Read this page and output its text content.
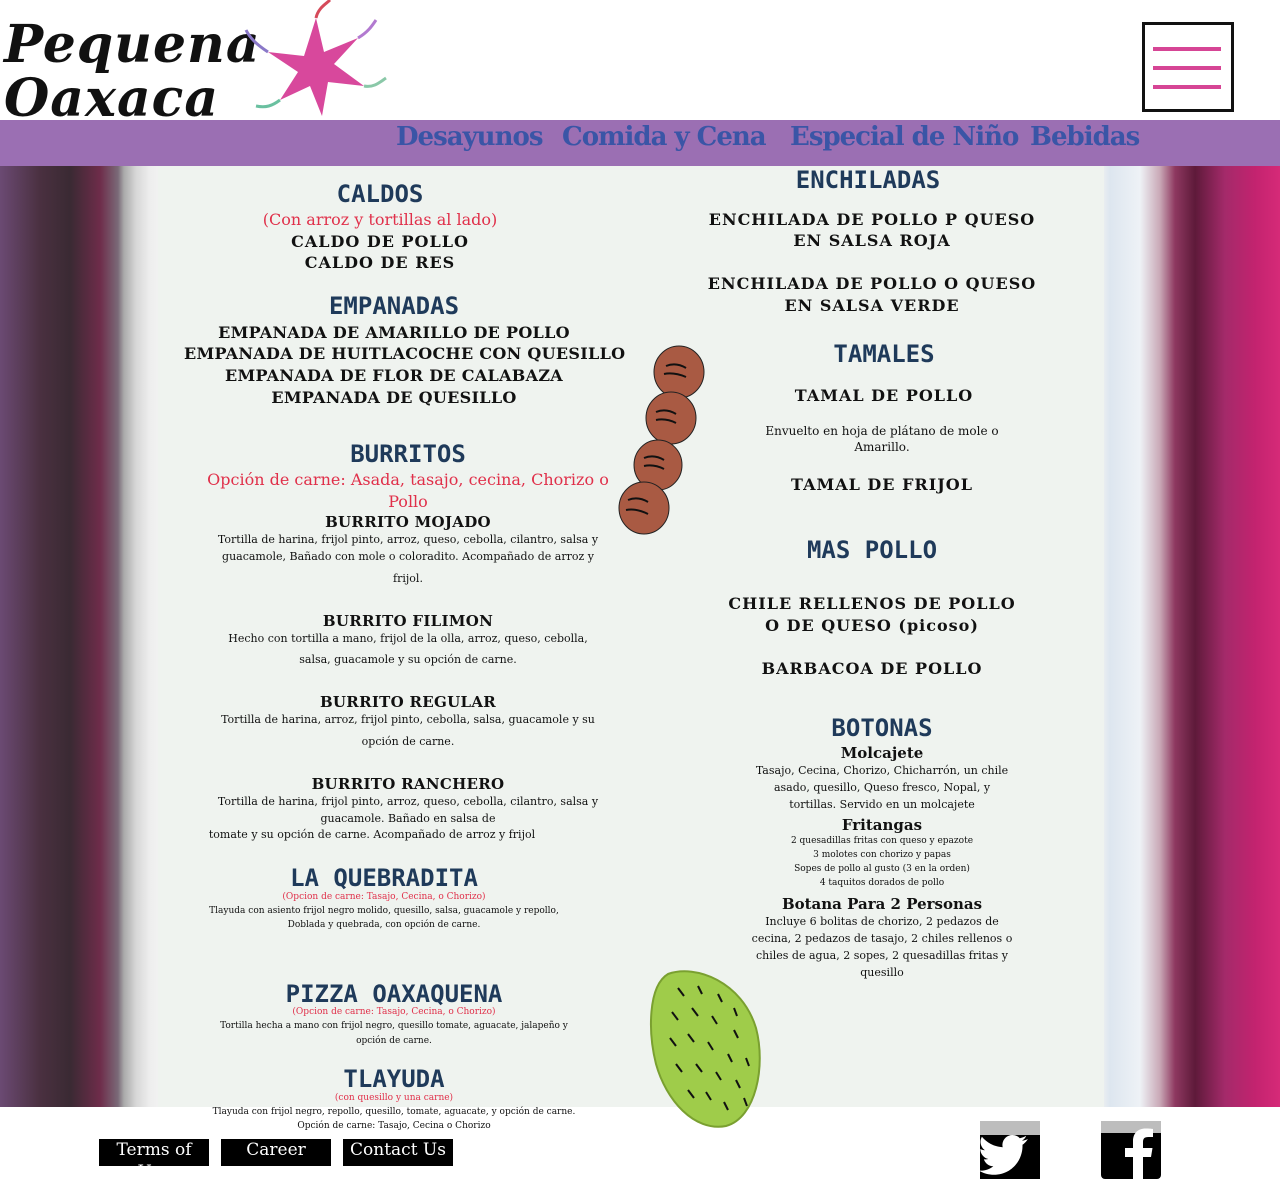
Pequena
Oaxaca
Desayunos Comida y Cena Especial de Niño Bebidas
CALDOS
(Con arroz y tortillas al lado)
CALDO DE POLLO
CALDO DE RES
EMPANADAS
EMPANADA DE AMARILLO DE POLLO
EMPANADA DE HUITLACOCHE CON QUESILLO
EMPANADA DE FLOR DE CALABAZA
EMPANADA DE QUESILLO
BURRITOS
Opción de carne: Asada, tasajo, cecina, Chorizo o
Pollo
BURRITO MOJADO
Tortilla de harina, frijol pinto, arroz, queso, cebolla, cilantro, salsa y
guacamole, Bañado con mole o coloradito. Acompañado de arroz y
frijol.
BURRITO FILIMON
Hecho con tortilla a mano, frijol de la olla, arroz, queso, cebolla,
salsa, guacamole y su opción de carne.
BURRITO REGULAR
Tortilla de harina, arroz, frijol pinto, cebolla, salsa, guacamole y su
opción de carne.
BURRITO RANCHERO
Tortilla de harina, frijol pinto, arroz, queso, cebolla, cilantro, salsa y
guacamole. Bañado en salsa de
tomate y su opción de carne. Acompañado de arroz y frijol
LA QUEBRADITA
(Opcion de carne: Tasajo, Cecina, o Chorizo)
Tlayuda con asiento frijol negro molido, quesillo, salsa, guacamole y repollo,
Doblada y quebrada, con opción de carne.
PIZZA OAXAQUENA
(Opcion de carne: Tasajo, Cecina, o Chorizo)
Tortilla hecha a mano con frijol negro, quesillo tomate, aguacate, jalapeño y
opción de carne.
TLAYUDA
(con quesillo y una carne)
Tlayuda con frijol negro, repollo, quesillo, tomate, aguacate, y opción de carne.
Opción de carne: Tasajo, Cecina o Chorizo
ENCHILADAS
ENCHILADA DE POLLO P QUESO
EN SALSA ROJA
ENCHILADA DE POLLO O QUESO
EN SALSA VERDE
TAMALES
TAMAL DE POLLO
Envuelto en hoja de plátano de mole o
Amarillo.
TAMAL DE FRIJOL
MAS POLLO
CHILE RELLENOS DE POLLO
O DE QUESO (picoso)
BARBACOA DE POLLO
BOTONAS
Molcajete
Tasajo, Cecina, Chorizo, Chicharrón, un chile
asado, quesillo, Queso fresco, Nopal, y
tortillas. Servido en un molcajete
Fritangas
2 quesadillas fritas con queso y epazote
3 molotes con chorizo y papas
Sopes de pollo al gusto (3 en la orden)
4 taquitos dorados de pollo
Botana Para 2 Personas
Incluye 6 bolitas de chorizo, 2 pedazos de
cecina, 2 pedazos de tasajo, 2 chiles rellenos o
chiles de agua, 2 sopes, 2 quesadillas fritas y
quesillo
Terms of Use
Career	Contact Us
